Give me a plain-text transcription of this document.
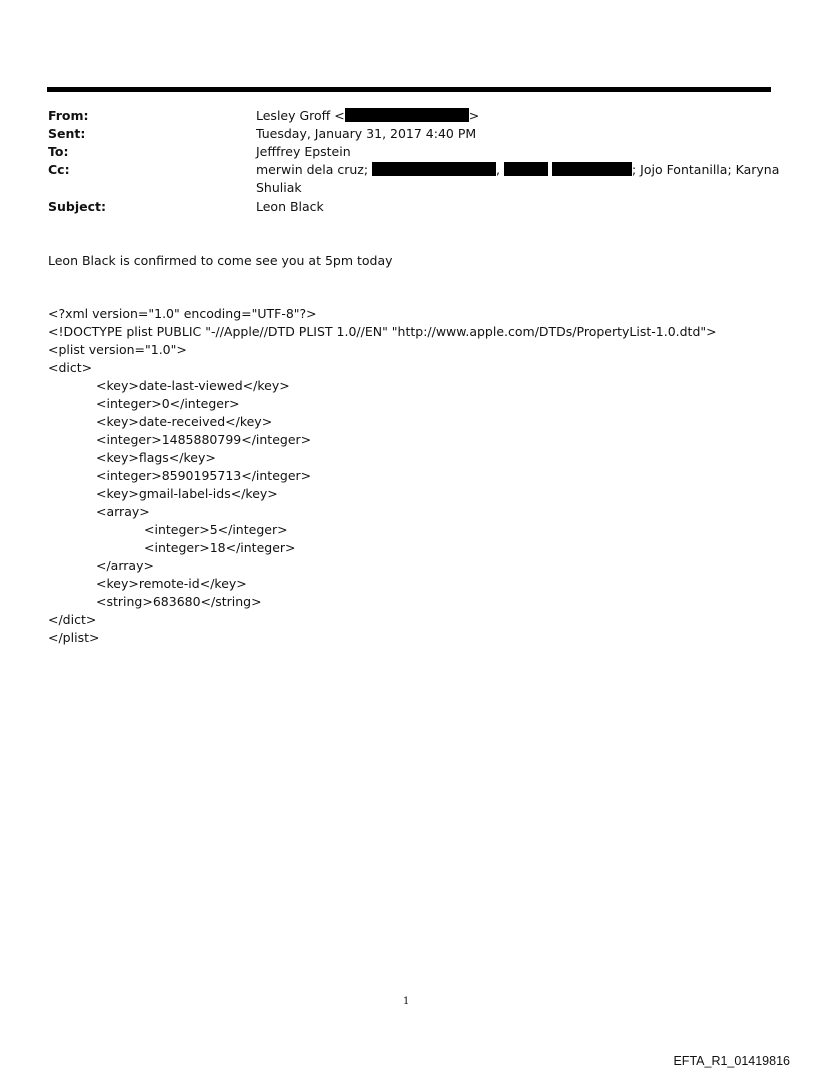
From:	Lesley Groff <	>
Sent:	Tuesday, January 31, 2017 4:40 PM
To:	Jefffrey Epstein
Cc:	merwin dela cruz;	,	; Jojo Fontanilla; Karyna
Shuliak
Subject:	Leon Black
Leon Black is confirmed to come see you at 5pm today
<?xml version="1.0" encoding="UTF-8"?>
<!DOCTYPE plist PUBLIC "-//Apple//DTD PLIST 1.0//EN" "http://www.apple.com/DTDs/PropertyList-1.0.dtd">
<plist version="1.0">
<dict>
<key>date-last-viewed</key>
<integer>0</integer>
<key>date-received</key>
<integer>1485880799</integer>
<key>flags</key>
<integer>8590195713</integer>
<key>gmail-label-ids</key>
<array>
<integer>5</integer>
<integer>18</integer>
</array>
<key>remote-id</key>
<string>683680</string>
</dict>
</plist>
1
EFTA_R1_01419816
